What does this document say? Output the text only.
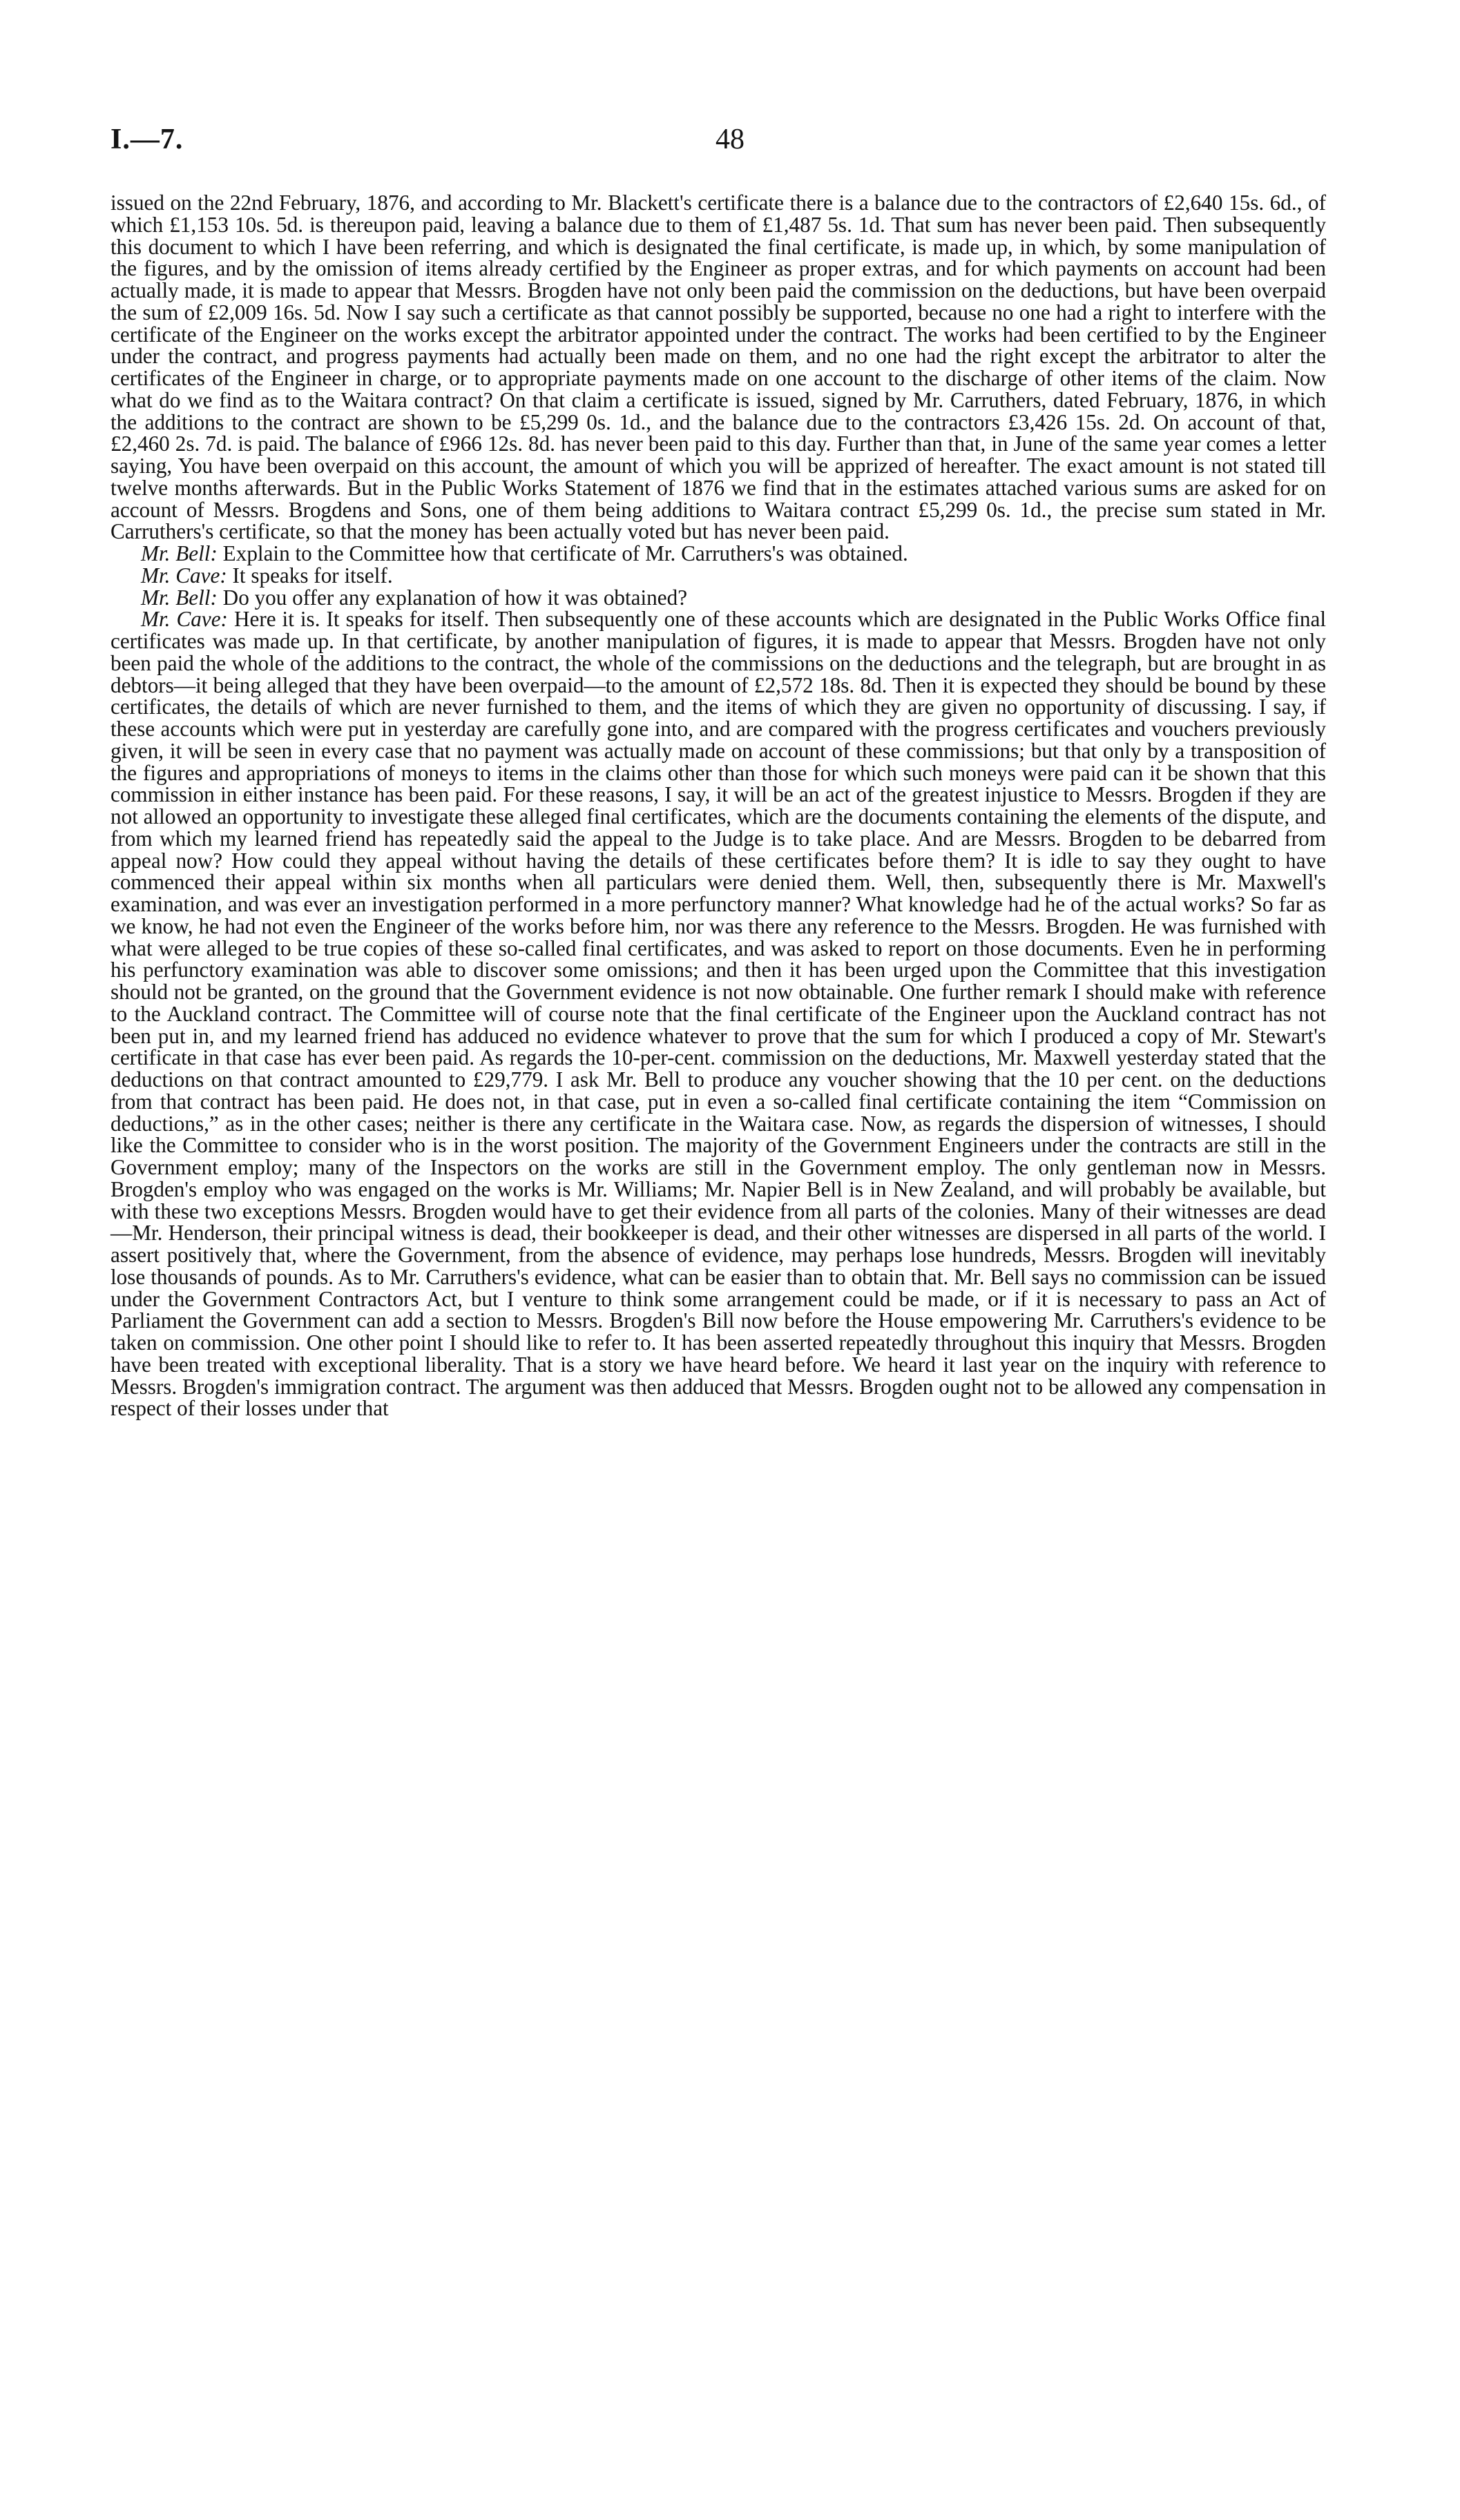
I.—7.	48

issued on the 22nd February, 1876, and according to Mr. Blackett's certificate there is a balance due to the contractors of £2,640 15s. 6d., of which £1,153 10s. 5d. is thereupon paid, leaving a balance due to them of £1,487 5s. 1d. That sum has never been paid. Then subsequently this document to which I have been referring, and which is designated the final certificate, is made up, in which, by some manipulation of the figures, and by the omission of items already certified by the Engineer as proper extras, and for which payments on account had been actually made, it is made to appear that Messrs. Brogden have not only been paid the commission on the deductions, but have been overpaid the sum of £2,009 16s. 5d. Now I say such a certificate as that cannot possibly be supported, because no one had a right to interfere with the certificate of the Engineer on the works except the arbitrator appointed under the contract. The works had been certified to by the Engineer under the contract, and progress payments had actually been made on them, and no one had the right except the arbitrator to alter the certificates of the Engineer in charge, or to appropriate payments made on one account to the discharge of other items of the claim. Now what do we find as to the Waitara contract? On that claim a certificate is issued, signed by Mr. Carruthers, dated February, 1876, in which the additions to the contract are shown to be £5,299 0s. 1d., and the balance due to the contractors £3,426 15s. 2d. On account of that, £2,460 2s. 7d. is paid. The balance of £966 12s. 8d. has never been paid to this day. Further than that, in June of the same year comes a letter saying, You have been overpaid on this account, the amount of which you will be apprized of hereafter. The exact amount is not stated till twelve months afterwards. But in the Public Works Statement of 1876 we find that in the estimates attached various sums are asked for on account of Messrs. Brogdens and Sons, one of them being additions to Waitara contract £5,299 0s. 1d., the precise sum stated in Mr. Carruthers's certificate, so that the money has been actually voted but has never been paid.

Mr. Bell: Explain to the Committee how that certificate of Mr. Carruthers's was obtained.

Mr. Cave: It speaks for itself.

Mr. Bell: Do you offer any explanation of how it was obtained?

Mr. Cave: Here it is. It speaks for itself. Then subsequently one of these accounts which are designated in the Public Works Office final certificates was made up. In that certificate, by another manipulation of figures, it is made to appear that Messrs. Brogden have not only been paid the whole of the additions to the contract, the whole of the commissions on the deductions and the telegraph, but are brought in as debtors—it being alleged that they have been overpaid—to the amount of £2,572 18s. 8d. Then it is expected they should be bound by these certificates, the details of which are never furnished to them, and the items of which they are given no opportunity of discussing. I say, if these accounts which were put in yesterday are carefully gone into, and are compared with the progress certificates and vouchers previously given, it will be seen in every case that no payment was actually made on account of these commissions; but that only by a transposition of the figures and appropriations of moneys to items in the claims other than those for which such moneys were paid can it be shown that this commission in either instance has been paid. For these reasons, I say, it will be an act of the greatest injustice to Messrs. Brogden if they are not allowed an opportunity to investigate these alleged final certificates, which are the documents containing the elements of the dispute, and from which my learned friend has repeatedly said the appeal to the Judge is to take place. And are Messrs. Brogden to be debarred from appeal now? How could they appeal without having the details of these certificates before them? It is idle to say they ought to have commenced their appeal within six months when all particulars were denied them. Well, then, subsequently there is Mr. Maxwell's examination, and was ever an investigation performed in a more perfunctory manner? What knowledge had he of the actual works? So far as we know, he had not even the Engineer of the works before him, nor was there any reference to the Messrs. Brogden. He was furnished with what were alleged to be true copies of these so-called final certificates, and was asked to report on those documents. Even he in performing his perfunctory examination was able to discover some omissions; and then it has been urged upon the Committee that this investigation should not be granted, on the ground that the Government evidence is not now obtainable. One further remark I should make with reference to the Auckland contract. The Committee will of course note that the final certificate of the Engineer upon the Auckland contract has not been put in, and my learned friend has adduced no evidence whatever to prove that the sum for which I produced a copy of Mr. Stewart's certificate in that case has ever been paid. As regards the 10-per-cent. commission on the deductions, Mr. Maxwell yesterday stated that the deductions on that contract amounted to £29,779. I ask Mr. Bell to produce any voucher showing that the 10 per cent. on the deductions from that contract has been paid. He does not, in that case, put in even a so-called final certificate containing the item “Commission on deductions,” as in the other cases; neither is there any certificate in the Waitara case. Now, as regards the dispersion of witnesses, I should like the Committee to consider who is in the worst position. The majority of the Government Engineers under the contracts are still in the Government employ; many of the Inspectors on the works are still in the Government employ. The only gentleman now in Messrs. Brogden's employ who was engaged on the works is Mr. Williams; Mr. Napier Bell is in New Zealand, and will probably be available, but with these two exceptions Messrs. Brogden would have to get their evidence from all parts of the colonies. Many of their witnesses are dead—Mr. Henderson, their principal witness is dead, their bookkeeper is dead, and their other witnesses are dispersed in all parts of the world. I assert positively that, where the Government, from the absence of evidence, may perhaps lose hundreds, Messrs. Brogden will inevitably lose thousands of pounds. As to Mr. Carruthers's evidence, what can be easier than to obtain that. Mr. Bell says no commission can be issued under the Government Contractors Act, but I venture to think some arrangement could be made, or if it is necessary to pass an Act of Parliament the Government can add a section to Messrs. Brogden's Bill now before the House empowering Mr. Carruthers's evidence to be taken on commission. One other point I should like to refer to. It has been asserted repeatedly throughout this inquiry that Messrs. Brogden have been treated with exceptional liberality. That is a story we have heard before. We heard it last year on the inquiry with reference to Messrs. Brogden's immigration contract. The argument was then adduced that Messrs. Brogden ought not to be allowed any compensation in respect of their losses under that
